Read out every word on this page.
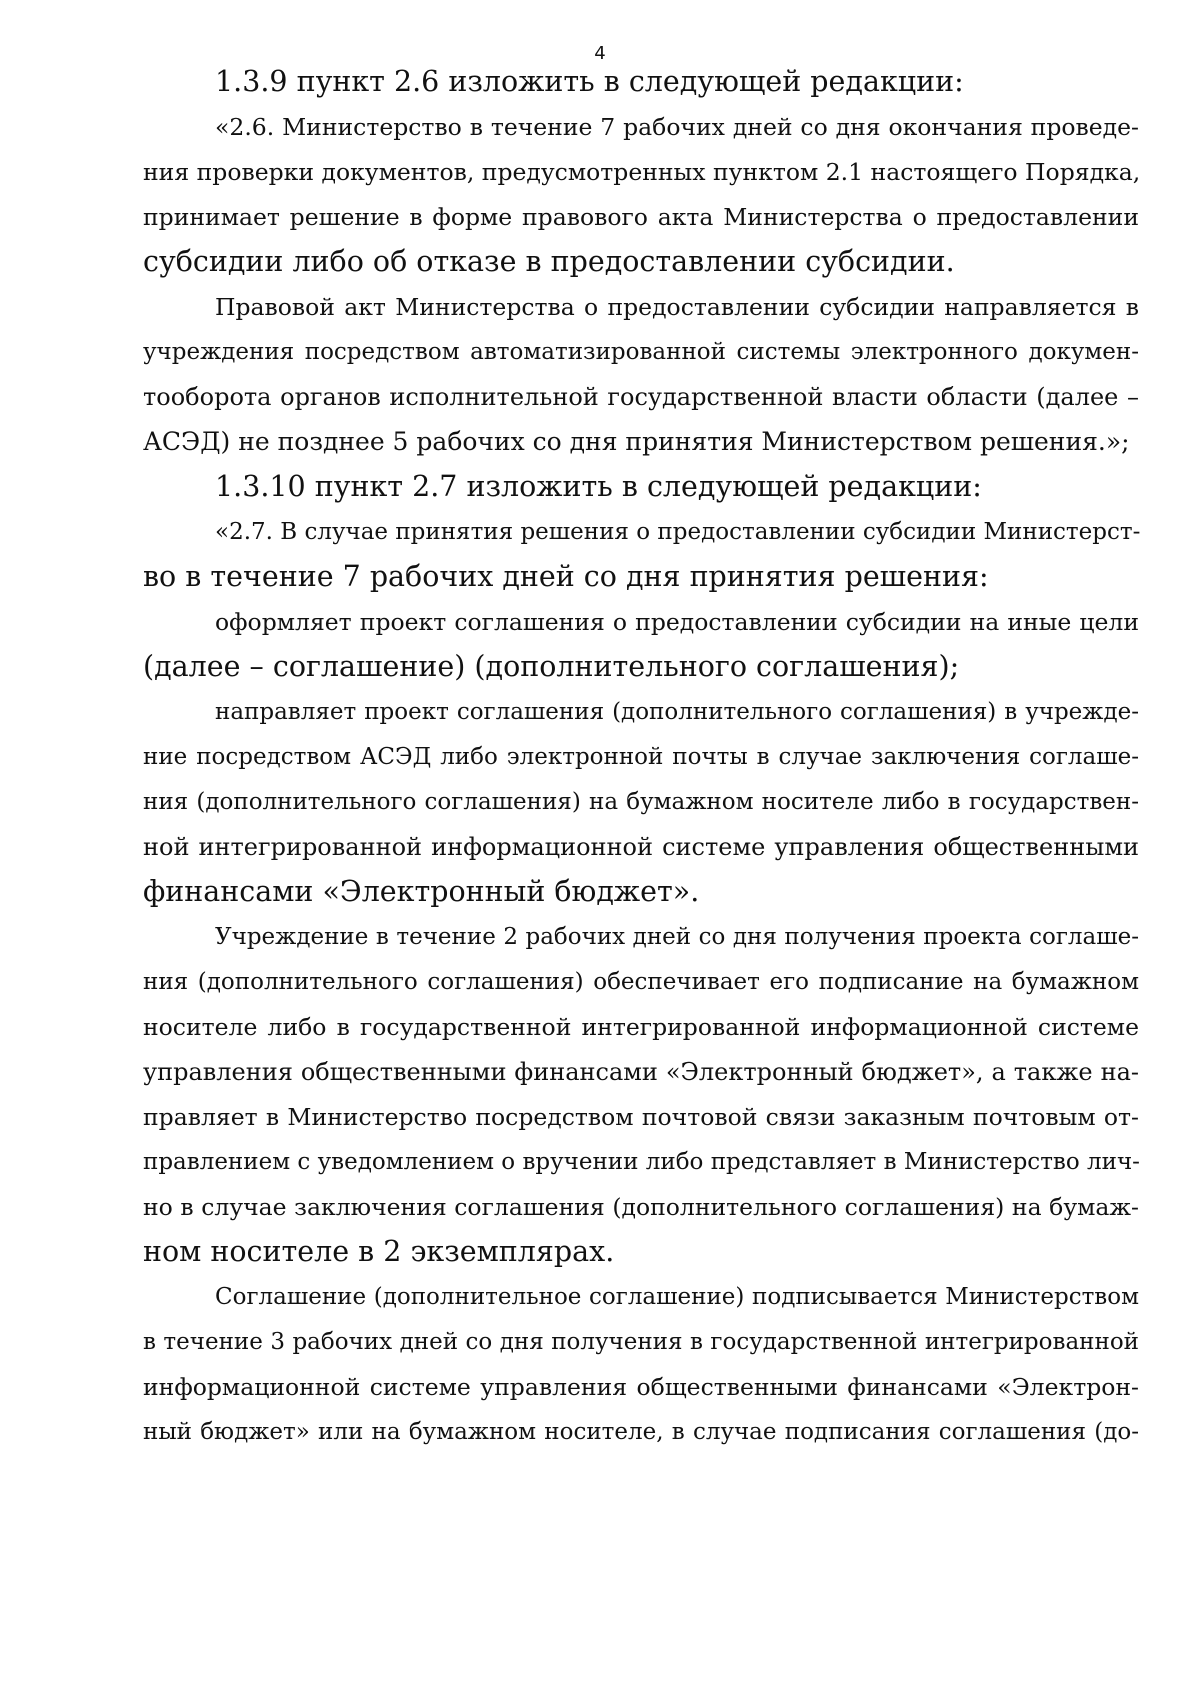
4
1.3.9 пункт 2.6 изложить в следующей редакции:
«2.6. Министерство в течение 7 рабочих дней со дня окончания проведе-
ния проверки документов, предусмотренных пунктом 2.1 настоящего Порядка,
принимает решение в форме правового акта Министерства о предоставлении
субсидии либо об отказе в предоставлении субсидии.
Правовой акт Министерства о предоставлении субсидии направляется в
учреждения посредством автоматизированной системы электронного докумен-
тооборота органов исполнительной государственной власти области (далее –
АСЭД) не позднее 5 рабочих со дня принятия Министерством решения.»;
1.3.10 пункт 2.7 изложить в следующей редакции:
«2.7. В случае принятия решения о предоставлении субсидии Министерст-
во в течение 7 рабочих дней со дня принятия решения:
оформляет проект соглашения о предоставлении субсидии на иные цели
(далее – соглашение) (дополнительного соглашения);
направляет проект соглашения (дополнительного соглашения) в учрежде-
ние посредством АСЭД либо электронной почты в случае заключения соглаше-
ния (дополнительного соглашения) на бумажном носителе либо в государствен-
ной интегрированной информационной системе управления общественными
финансами «Электронный бюджет».
Учреждение в течение 2 рабочих дней со дня получения проекта соглаше-
ния (дополнительного соглашения) обеспечивает его подписание на бумажном
носителе либо в государственной интегрированной информационной системе
управления общественными финансами «Электронный бюджет», а также на-
правляет в Министерство посредством почтовой связи заказным почтовым от-
правлением с уведомлением о вручении либо представляет в Министерство лич-
но в случае заключения соглашения (дополнительного соглашения) на бумаж-
ном носителе в 2 экземплярах.
Соглашение (дополнительное соглашение) подписывается Министерством
в течение 3 рабочих дней со дня получения в государственной интегрированной
информационной системе управления общественными финансами «Электрон-
ный бюджет» или на бумажном носителе, в случае подписания соглашения (до-
